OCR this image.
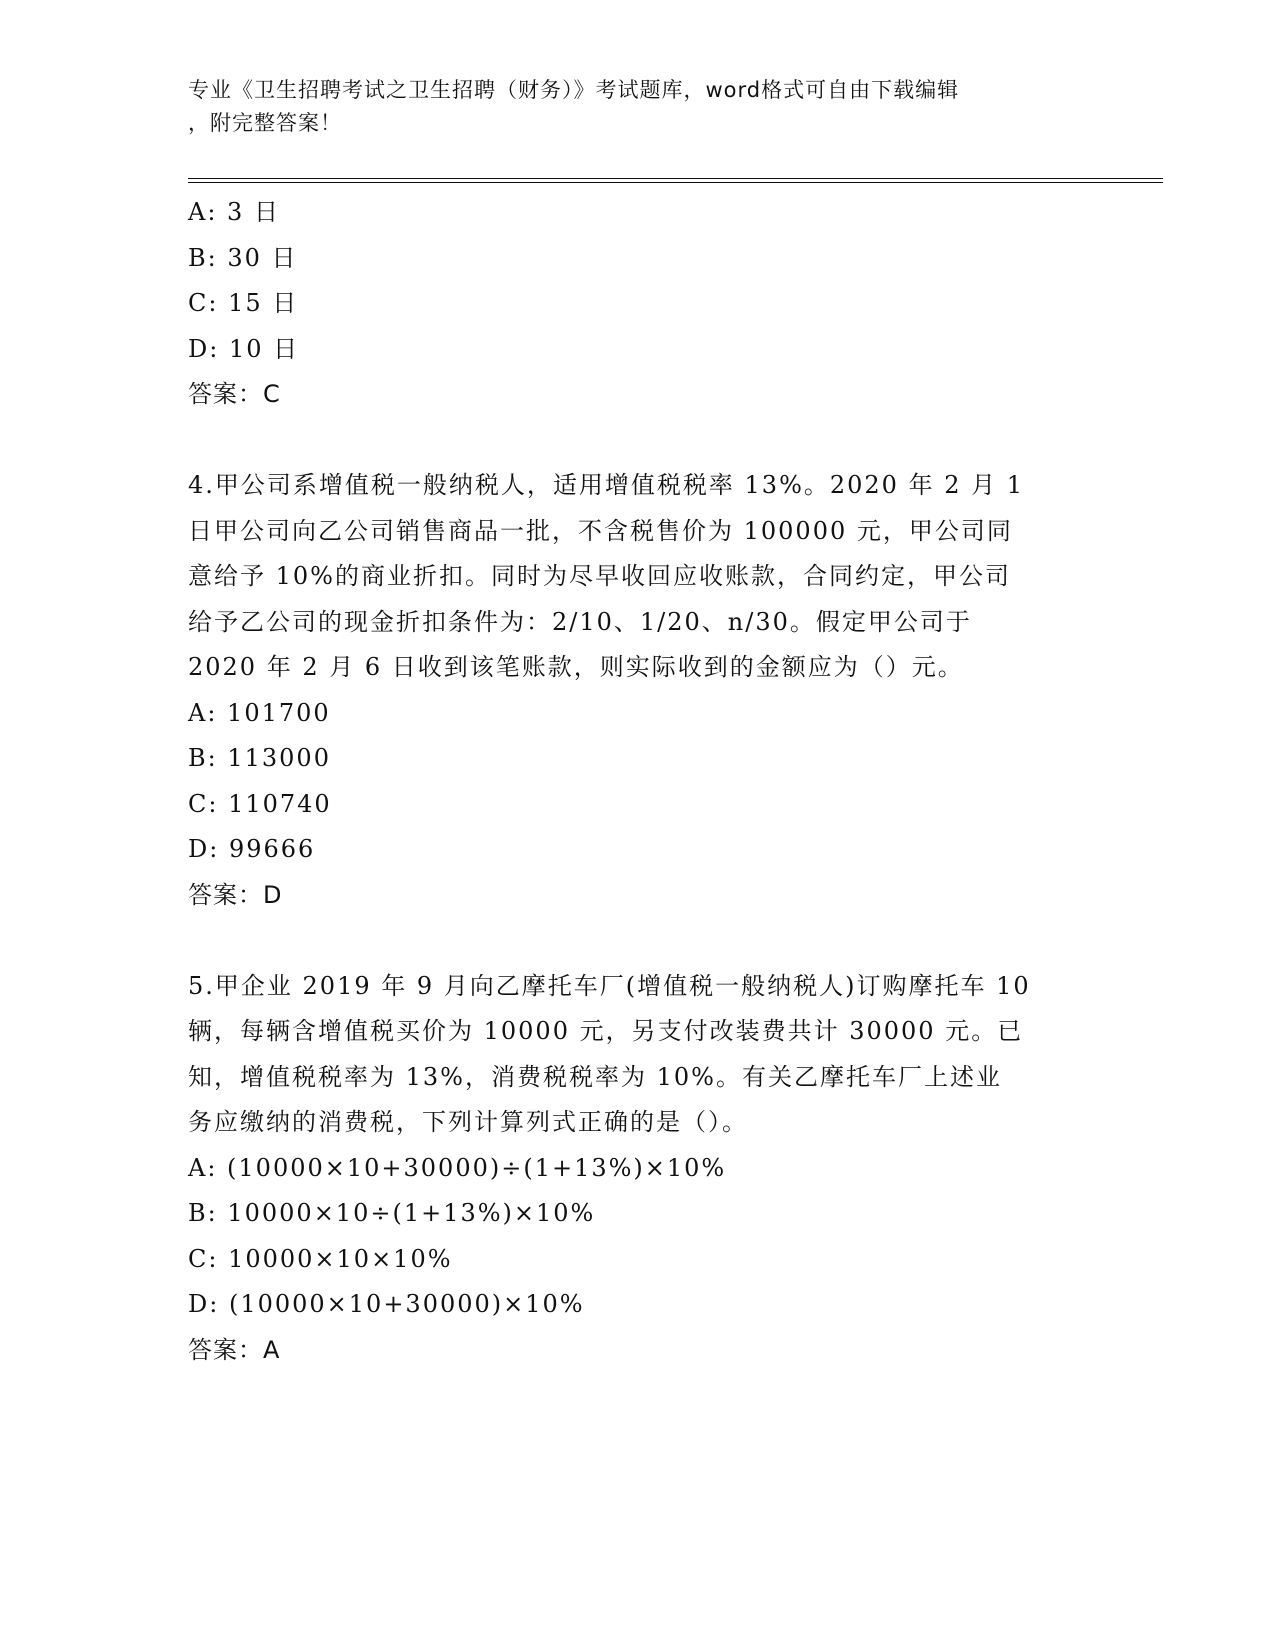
专业《卫生招聘考试之卫生招聘（财务）》考试题库，word格式可自由下载编辑
，附完整答案！
A: 3 日
B: 30 日
C: 15 日
D: 10 日
答案：C
4.甲公司系增值税一般纳税人，适用增值税税率 13%。2020 年 2 月 1
日甲公司向乙公司销售商品一批，不含税售价为 100000 元，甲公司同
意给予 10%的商业折扣。同时为尽早收回应收账款，合同约定，甲公司
给予乙公司的现金折扣条件为：2/10、1/20、n/30。假定甲公司于
2020 年 2 月 6 日收到该笔账款，则实际收到的金额应为（）元。
A: 101700
B: 113000
C: 110740
D: 99666
答案：D
5.甲企业 2019 年 9 月向乙摩托车厂(增值税一般纳税人)订购摩托车 10
辆，每辆含增值税买价为 10000 元，另支付改装费共计 30000 元。已
知，增值税税率为 13%，消费税税率为 10%。有关乙摩托车厂上述业
务应缴纳的消费税，下列计算列式正确的是（）。
A: (10000×10+30000)÷(1+13%)×10%
B: 10000×10÷(1+13%)×10%
C: 10000×10×10%
D: (10000×10+30000)×10%
答案：A
